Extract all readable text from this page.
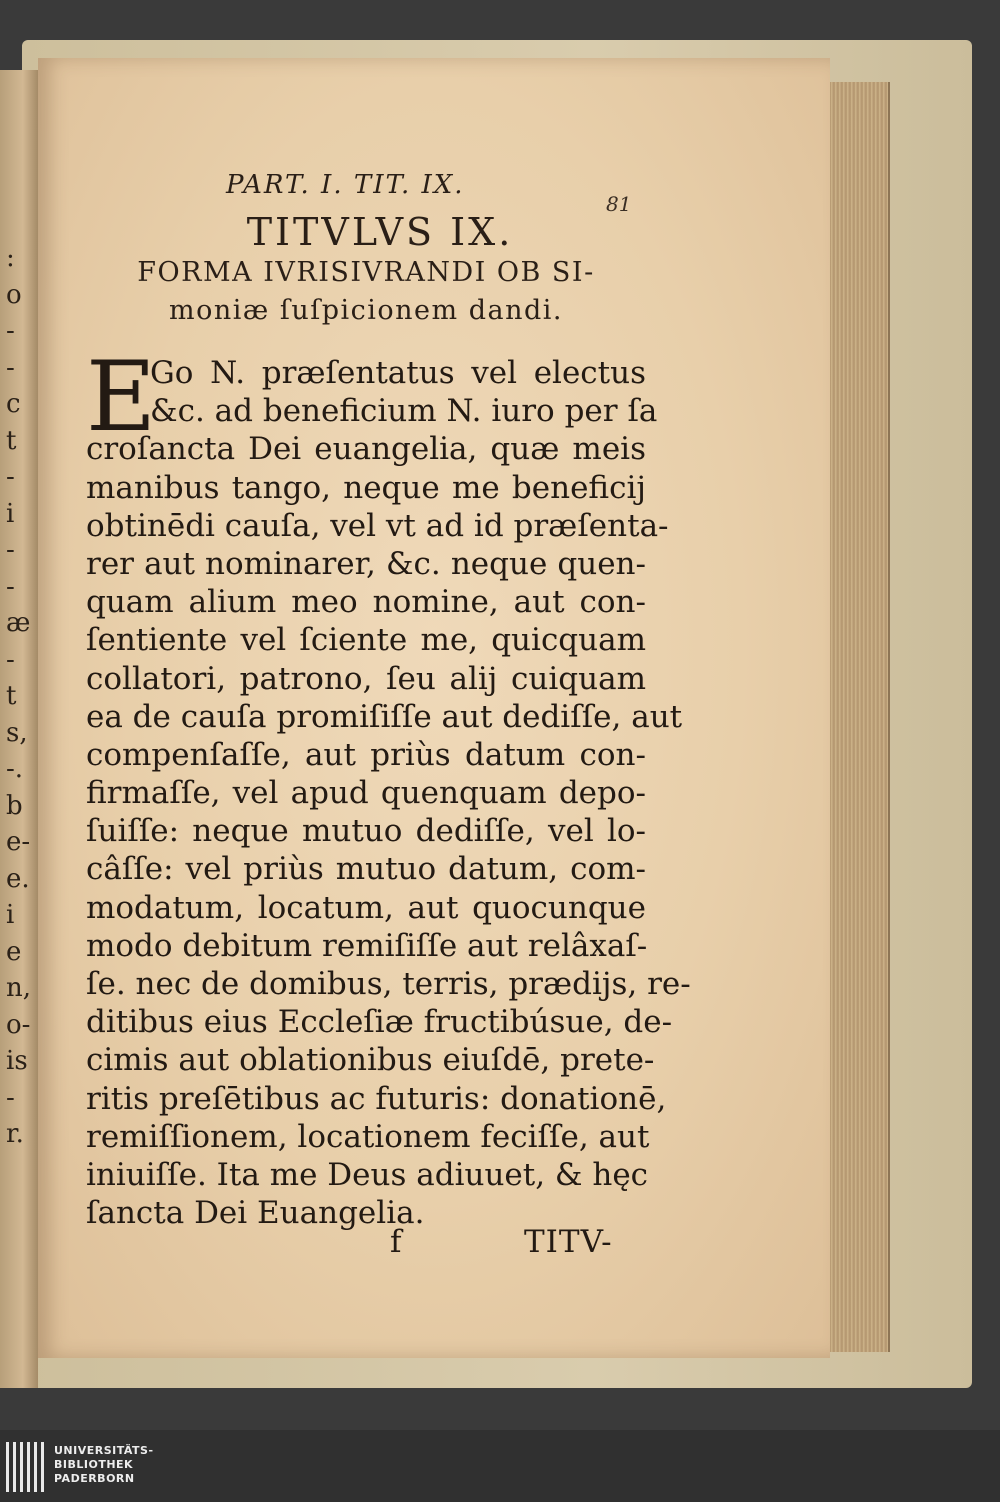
:
o
-
-
c
t
-
i
-
-
æ
-
t
s,
-.
b
e-
e.
i
e
n,
o-
is
-
r.
PART. I. TIT. IX.
81
TITVLVS IX.
FORMA IVRISIVRANDI OB SI-
moniæ ſuſpicionem dandi.
E
Go N. præſentatus vel electus
&c. ad beneficium N. iuro per ſa
croſancta Dei euangelia, quæ meis
manibus tango, neque me beneficij
obtinēdi cauſa, vel vt ad id præſenta-
rer aut nominarer, &c. neque quen-
quam alium meo nomine, aut con-
ſentiente vel ſciente me, quicquam
collatori, patrono, ſeu alij cuiquam
ea de cauſa promiſiſſe aut dediſſe, aut
compenſaſſe, aut priùs datum con-
firmaſſe, vel apud quenquam depo-
ſuiſſe: neque mutuo dediſſe, vel lo-
câſſe: vel priùs mutuo datum, com-
modatum, locatum, aut quocunque
modo debitum remiſiſſe aut relâxaſ-
ſe. nec de domibus, terris, prædijs, re-
ditibus eius Eccleſiæ fructibúsue, de-
cimis aut oblationibus eiuſdē, prete-
ritis preſētibus ac futuris: donationē,
remiſſionem, locationem feciſſe, aut
iniuiſſe. Ita me Deus adiuuet, & hęc
ſancta Dei Euangelia.
f	TITV-
UNIVERSITÄTS-
BIBLIOTHEK
PADERBORN
